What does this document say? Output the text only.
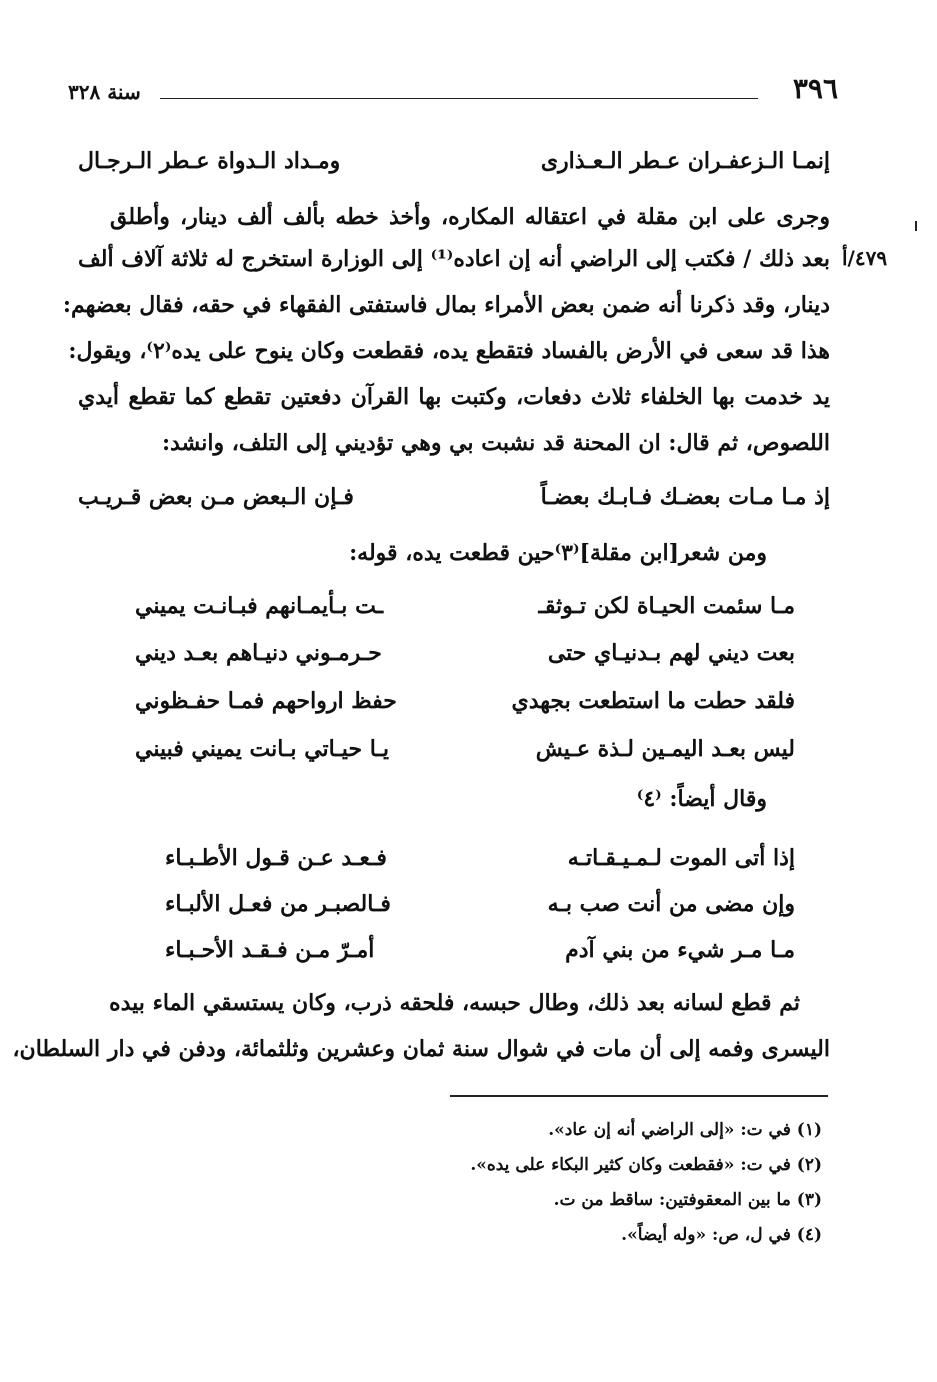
٣٩٦
سنة ٣٢٨
إنمـا الـزعفـران عـطر الـعـذارى
ومـداد الـدواة عـطر الـرجـال
وجرى على ابن مقلة في اعتقاله المكاره، وأخذ خطه بألف ألف دينار، وأطلق
بعد ذلك / فكتب إلى الراضي أنه إن اعاده⁽¹⁾ إلى الوزارة استخرج له ثلاثة آلاف ألف ٤٧٩/أ
دينار، وقد ذكرنا أنه ضمن بعض الأمراء بمال فاستفتى الفقهاء في حقه، فقال بعضهم:
هذا قد سعى في الأرض بالفساد فتقطع يده، فقطعت وكان ينوح على يده⁽٢⁾، ويقول:
يد خدمت بها الخلفاء ثلاث دفعات، وكتبت بها القرآن دفعتين تقطع كما تقطع أيدي
اللصوص، ثم قال: ان المحنة قد نشبت بي وهي تؤديني إلى التلف، وانشد:
إذ مـا مـات بعضـك فـابـك بعضـاً
فـإن الـبعض مـن بعض قـريـب
ومن شعر[ابن مقلة]⁽٣⁾حين قطعت يده، قوله:
مـا سئمت الحيـاة لكن تـوثقـ
ـت بـأيمـانهم فبـانـت يميني
بعت ديني لهم بـدنيـاي حتى
حـرمـوني دنيـاهم بعـد ديني
فلقد حطت ما استطعت بجهدي
حفظ ارواحهم فمـا حفـظوني
ليس بعـد اليمـين لـذة عـيش
يـا حيـاتي بـانت يميني فبيني
وقال أيضاً: ⁽٤⁾
إذا أتى الموت لـمـيـقـاتـه
فـعـد عـن قـول الأطـبـاء
وإن مضى من أنت صب بـه
فـالصبـر من فعـل الألبـاء
مـا مـر شيء من بني آدم
أمـرّ مـن فـقـد الأحـبـاء
ثم قطع لسانه بعد ذلك، وطال حبسه، فلحقه ذرب، وكان يستسقي الماء بيده
اليسرى وفمه إلى أن مات في شوال سنة ثمان وعشرين وثلثمائة، ودفن في دار السلطان،
(١) في ت: «إلى الراضي أنه إن عاد».
(٢) في ت: «فقطعت وكان كثير البكاء على يده».
(٣) ما بين المعقوفتين: ساقط من ت.
(٤) في ل، ص: «وله أيضاً».
